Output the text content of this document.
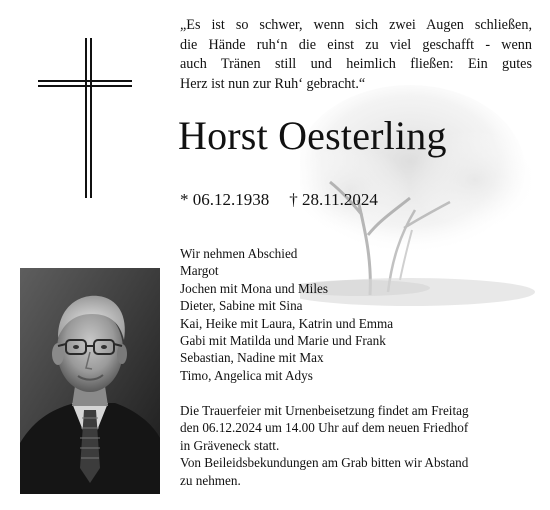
„Es ist so schwer, wenn sich zwei Augen schließen,
die Hände ruh‘n die einst zu viel geschafft - wenn
auch Tränen still und heimlich fließen: Ein gutes
Herz ist nun zur Ruh‘ gebracht.“
Horst Oesterling
* 06.12.1938 † 28.11.2024
Wir nehmen Abschied
Margot
Jochen mit Mona und Miles
Dieter, Sabine mit Sina
Kai, Heike mit Laura, Katrin und Emma
Gabi mit Matilda und Marie und Frank
Sebastian, Nadine mit Max
Timo, Angelica mit Adys
Die Trauerfeier mit Urnenbeisetzung findet am Freitag
den 06.12.2024 um 14.00 Uhr auf dem neuen Friedhof
in Gräveneck statt.
Von Beileidsbekundungen am Grab bitten wir Abstand
zu nehmen.
